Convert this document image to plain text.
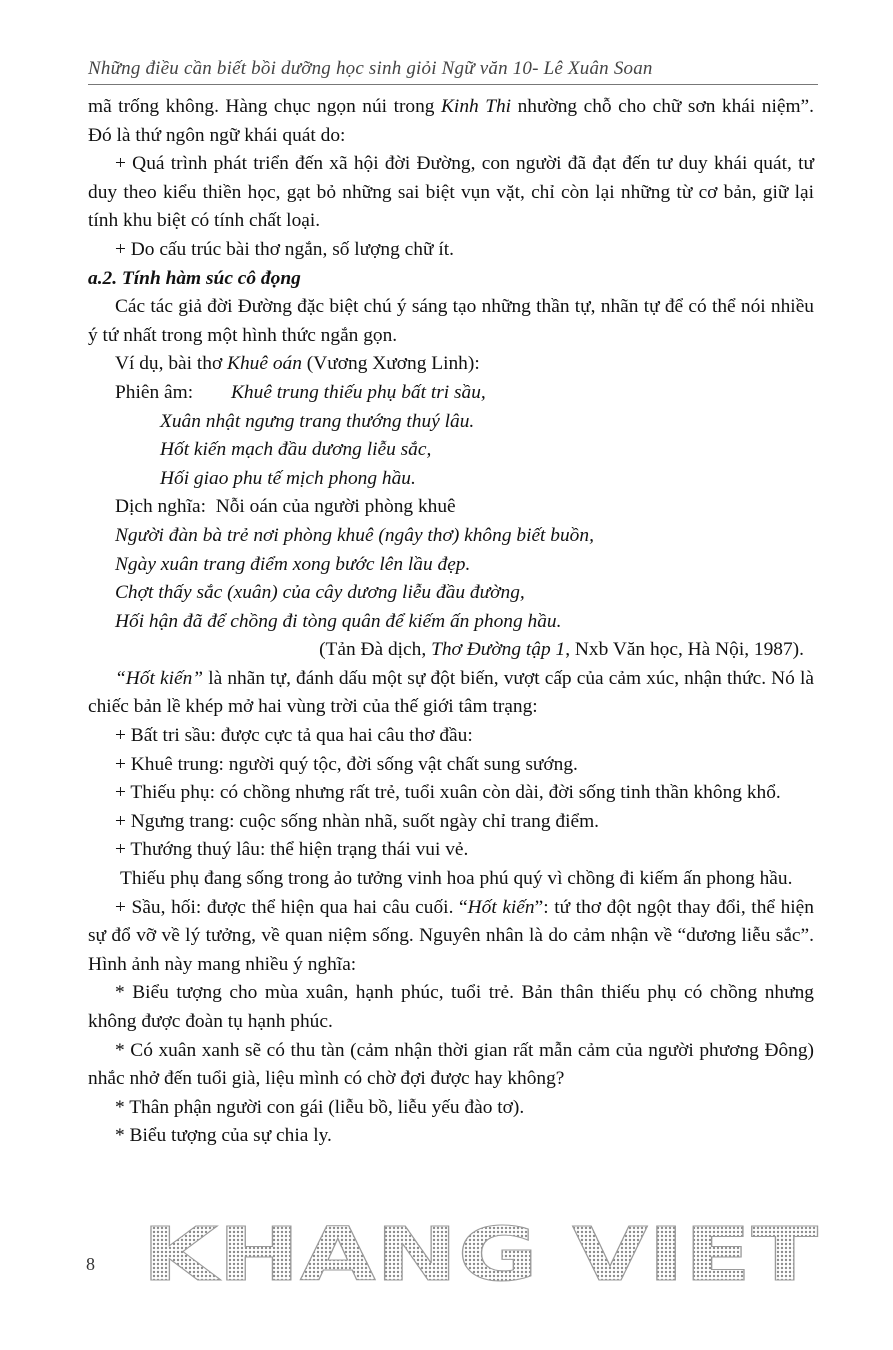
Những điều cần biết bồi dưỡng học sinh giỏi Ngữ văn 10- Lê Xuân Soan

mã trống không. Hàng chục ngọn núi trong Kinh Thi nhường chỗ cho chữ sơn khái niệm”. Đó là thứ ngôn ngữ khái quát do:

+ Quá trình phát triển đến xã hội đời Đường, con người đã đạt đến tư duy khái quát, tư duy theo kiểu thiền học, gạt bỏ những sai biệt vụn vặt, chỉ còn lại những từ cơ bản, giữ lại tính khu biệt có tính chất loại.

+ Do cấu trúc bài thơ ngắn, số lượng chữ ít.

a.2. Tính hàm súc cô đọng

Các tác giả đời Đường đặc biệt chú ý sáng tạo những thần tự, nhãn tự để có thể nói nhiều ý tứ nhất trong một hình thức ngắn gọn.

Ví dụ, bài thơ Khuê oán (Vương Xương Linh):

Phiên âm: Khuê trung thiếu phụ bất tri sầu,

Xuân nhật ngưng trang thướng thuý lâu.

Hốt kiến mạch đầu dương liễu sắc,

Hối giao phu tế mịch phong hầu.

Dịch nghĩa: Nỗi oán của người phòng khuê

Người đàn bà trẻ nơi phòng khuê (ngây thơ) không biết buồn,

Ngày xuân trang điểm xong bước lên lầu đẹp.

Chợt thấy sắc (xuân) của cây dương liễu đầu đường,

Hối hận đã để chồng đi tòng quân để kiếm ấn phong hầu.

(Tản Đà dịch, Thơ Đường tập 1, Nxb Văn học, Hà Nội, 1987).

“Hốt kiến” là nhãn tự, đánh dấu một sự đột biến, vượt cấp của cảm xúc, nhận thức. Nó là chiếc bản lề khép mở hai vùng trời của thế giới tâm trạng:

+ Bất tri sầu: được cực tả qua hai câu thơ đầu:

+ Khuê trung: người quý tộc, đời sống vật chất sung sướng.

+ Thiếu phụ: có chồng nhưng rất trẻ, tuổi xuân còn dài, đời sống tinh thần không khổ.

+ Ngưng trang: cuộc sống nhàn nhã, suốt ngày chỉ trang điểm.

+ Thướng thuý lâu: thể hiện trạng thái vui vẻ.

Thiếu phụ đang sống trong ảo tưởng vinh hoa phú quý vì chồng đi kiếm ấn phong hầu.

+ Sầu, hối: được thể hiện qua hai câu cuối. “Hốt kiến”: tứ thơ đột ngột thay đổi, thể hiện sự đổ vỡ về lý tưởng, về quan niệm sống. Nguyên nhân là do cảm nhận về “dương liễu sắc”. Hình ảnh này mang nhiều ý nghĩa:

* Biểu tượng cho mùa xuân, hạnh phúc, tuổi trẻ. Bản thân thiếu phụ có chồng nhưng không được đoàn tụ hạnh phúc.

* Có xuân xanh sẽ có thu tàn (cảm nhận thời gian rất mẫn cảm của người phương Đông) nhắc nhở đến tuổi già, liệu mình có chờ đợi được hay không?

* Thân phận người con gái (liễu bồ, liễu yếu đào tơ).

* Biểu tượng của sự chia ly.

8 KHANG VIET
